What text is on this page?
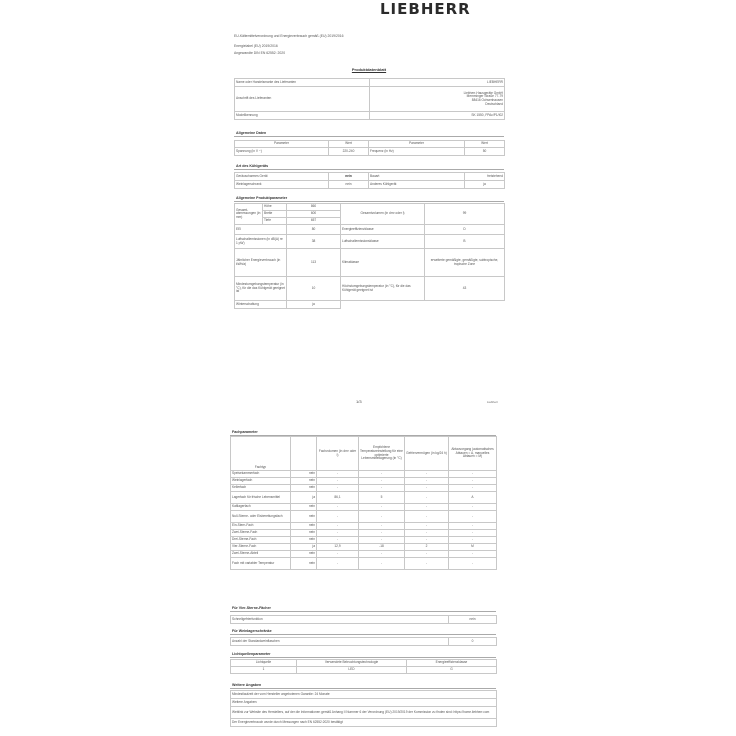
LIEBHERR
EU-Kältemittelverordnung und Energieverbrauch gemäß (EU) 2019/2016
Energielabel (EU) 2019/2016
Angewandte DIN EN 62552: 2020
Produktdatenblatt
Name oder Handelsmarke des Lieferanten	LIEBHERR
Anschrift des Lieferanten	Liebherr-Hausgeräte GmbH
Memminger Straße 77-79
88416 Ochsenhausen
Deutschland
Modellkennung	SK 1550, FPAc/P1/I02
Allgemeine Daten
Parameter	Wert	Parameter	Wert
Spannung (in V ~)	220-240	Frequenz (in Hz)	50
Art des Kühlgeräts
Geräuscharmes Gerät	nein	Bauart	freistehend
Weinlagerschrank	nein	Anderes Kühlgerät	ja
Allgemeine Produktparameter
Gesamt-abmessungen (in mm)	Höhe	860	Gesamtvolumen (in dm³ oder l)	99
	Breite	600		
	Tiefe	657		
EEI		80	Energieeffizienzklasse	D
Luftschallemissionen (in dB(A) re 1 pW)		38	Luftschallemissionsklasse	B
Jährlicher Energieverbrauch (in kWh/a)		113	Klimaklasse	erweiterte gemäßigte, gemäßigte, subtropische, tropische Zone
Mindestumgebungstemperatur (in °C), für die das Kühlgerät geeignet ist		10	Höchstumgebungstemperatur (in °C), für die das Kühlgerät geeignet ist	43
Winterschaltung		ja		
1/3	Liebherr
Fachparameter
Fachtyp		Fachvolumen (in dm³ oder l)	Empfohlene Temperatureinstellung für eine optimierte Lebensmittellagerung (in °C)	Gefriervermögen (in kg/24 h)	Abtauvorgang (automatisches Abtauen = A, manuelles Abtauen = M)
Speisekammerfach	nein	-	-	-	-
Weinlagerfach	nein	-	-	-	-
Kellerfach	nein	-	-	-	-
Lagerfach für frische Lebensmittel	ja	86,1	5	-	A
Kaltlagerfach	nein	-	-	-	-
Null-Sterne- oder Eisbereitungsfach	nein	-	-	-	-
Ein-Stern-Fach	nein	-	-	-	-
Zwei-Sterne-Fach	nein	-	-	-	-
Drei-Sterne-Fach	nein	-	-	-	-
Vier-Sterne-Fach	ja	12,9	-18	2	M
Zwei-Sterne-Abteil	nein	-	-	-	-
Fach mit variabler Temperatur	nein	-	-	-	-
Für Vier-Sterne-Fächer
Schnellgefrierfunktion	nein
Für Weinlagerschränke
Anzahl der Standardweinflaschen	0
Lichtquellenparameter
Lichtquelle	Verwendete Beleuchtungstechnologie	Energieeffizienzklasse
1	LED	G
Weitere Angaben
Mindestlaufzeit der vom Hersteller angebotenen Garantie: 24 Monate
Weitere Angaben:
Weblink zur Website des Herstellers, auf der die Informationen gemäß Anhang II Nummer 6 der Verordnung (EU) 2019/2019 der Kommission zu finden sind: https://home.liebherr.com
Der Energieverbrauch wurde durch Messungen nach EN 62552:2020 bestätigt
